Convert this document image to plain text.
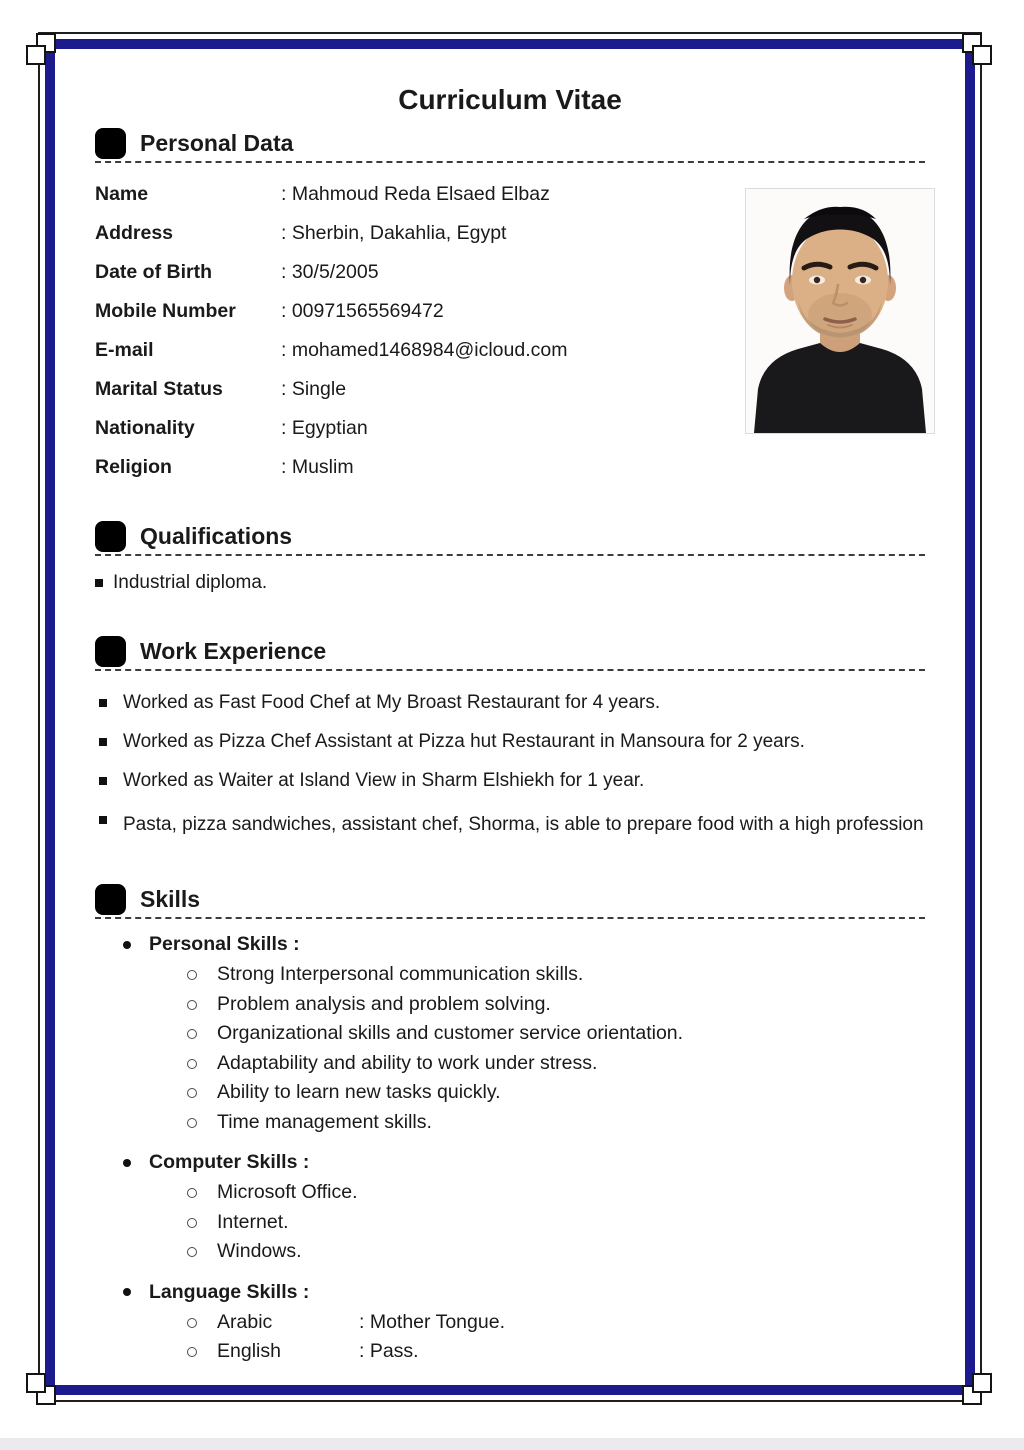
Curriculum Vitae
Personal Data
Name	: Mahmoud Reda Elsaed Elbaz
Address	: Sherbin, Dakahlia, Egypt
Date of Birth	: 30/5/2005
Mobile Number	: 00971565569472
E-mail	: mohamed1468984@icloud.com
Marital Status	: Single
Nationality	: Egyptian
Religion	: Muslim
Qualifications
Industrial diploma.
Work Experience
Worked as Fast Food Chef at My Broast Restaurant for 4 years.
Worked as Pizza Chef Assistant at Pizza hut Restaurant in Mansoura for 2 years.
Worked as Waiter at Island View in Sharm Elshiekh for 1 year.
Pasta, pizza sandwiches, assistant chef, Shorma, is able to prepare food with a high profession
Skills
Personal Skills :
Strong Interpersonal communication skills.
Problem analysis and problem solving.
Organizational skills and customer service orientation.
Adaptability and ability to work under stress.
Ability to learn new tasks quickly.
Time management skills.
Computer Skills :
Microsoft Office.
Internet.
Windows.
Language Skills :
Arabic	: Mother Tongue.
English	: Pass.
